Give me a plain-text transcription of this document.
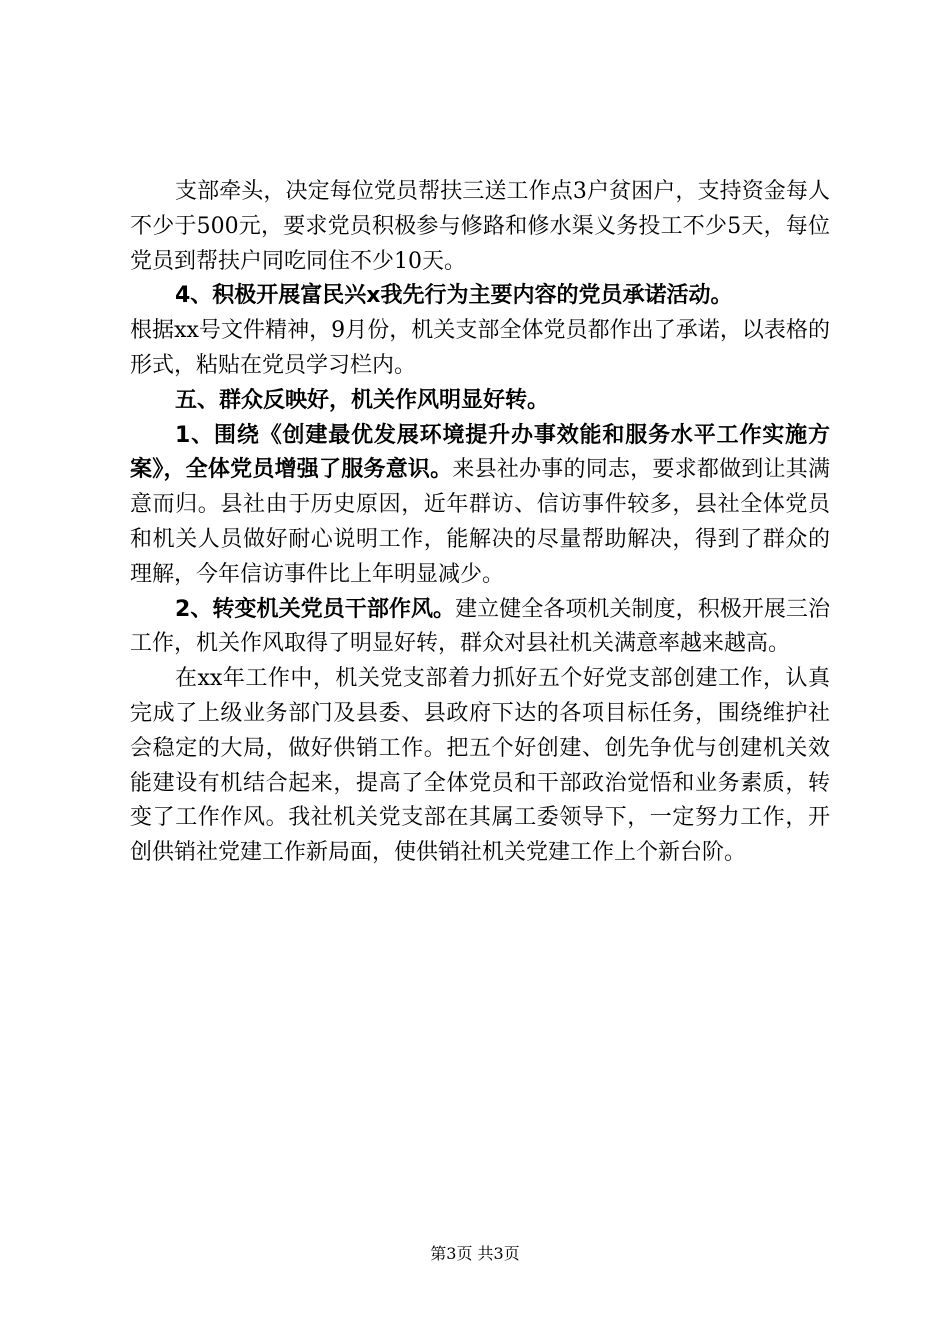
支部牵头，决定每位党员帮扶三送工作点3户贫困户，支持资金每人不少于500元，要求党员积极参与修路和修水渠义务投工不少5天，每位党员到帮扶户同吃同住不少10天。

4、积极开展富民兴x我先行为主要内容的党员承诺活动。

根据xx号文件精神，9月份，机关支部全体党员都作出了承诺，以表格的形式，粘贴在党员学习栏内。

五、群众反映好，机关作风明显好转。

1、围绕《创建最优发展环境提升办事效能和服务水平工作实施方案》，全体党员增强了服务意识。来县社办事的同志，要求都做到让其满意而归。县社由于历史原因，近年群访、信访事件较多，县社全体党员和机关人员做好耐心说明工作，能解决的尽量帮助解决，得到了群众的理解，今年信访事件比上年明显减少。

2、转变机关党员干部作风。建立健全各项机关制度，积极开展三治工作，机关作风取得了明显好转，群众对县社机关满意率越来越高。

在xx年工作中，机关党支部着力抓好五个好党支部创建工作，认真完成了上级业务部门及县委、县政府下达的各项目标任务，围绕维护社会稳定的大局，做好供销工作。把五个好创建、创先争优与创建机关效能建设有机结合起来，提高了全体党员和干部政治觉悟和业务素质，转变了工作作风。我社机关党支部在其属工委领导下，一定努力工作，开创供销社党建工作新局面，使供销社机关党建工作上个新台阶。

第3页 共3页
